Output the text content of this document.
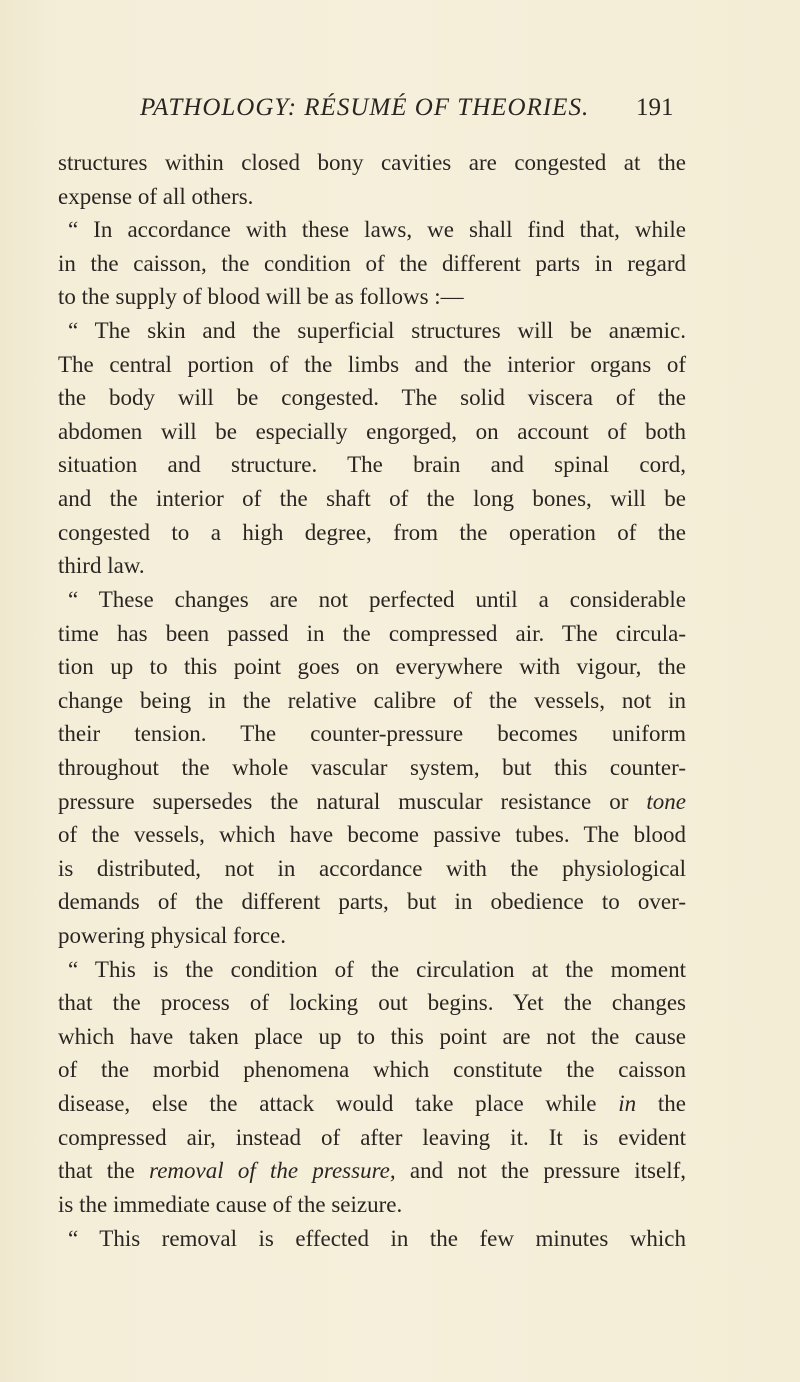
PATHOLOGY: RÉSUMÉ OF THEORIES. 191
structures within closed bony cavities are congested at the
expense of all others.
“ In accordance with these laws, we shall find that, while
in the caisson, the condition of the different parts in regard
to the supply of blood will be as follows :—
“ The skin and the superficial structures will be anæmic.
The central portion of the limbs and the interior organs of
the body will be congested. The solid viscera of the
abdomen will be especially engorged, on account of both
situation and structure. The brain and spinal cord,
and the interior of the shaft of the long bones, will be
congested to a high degree, from the operation of the
third law.
“ These changes are not perfected until a considerable
time has been passed in the compressed air. The circula-
tion up to this point goes on everywhere with vigour, the
change being in the relative calibre of the vessels, not in
their tension. The counter-pressure becomes uniform
throughout the whole vascular system, but this counter-
pressure supersedes the natural muscular resistance or tone
of the vessels, which have become passive tubes. The blood
is distributed, not in accordance with the physiological
demands of the different parts, but in obedience to over-
powering physical force.
“ This is the condition of the circulation at the moment
that the process of locking out begins. Yet the changes
which have taken place up to this point are not the cause
of the morbid phenomena which constitute the caisson
disease, else the attack would take place while in the
compressed air, instead of after leaving it. It is evident
that the removal of the pressure, and not the pressure itself,
is the immediate cause of the seizure.
“ This removal is effected in the few minutes which
